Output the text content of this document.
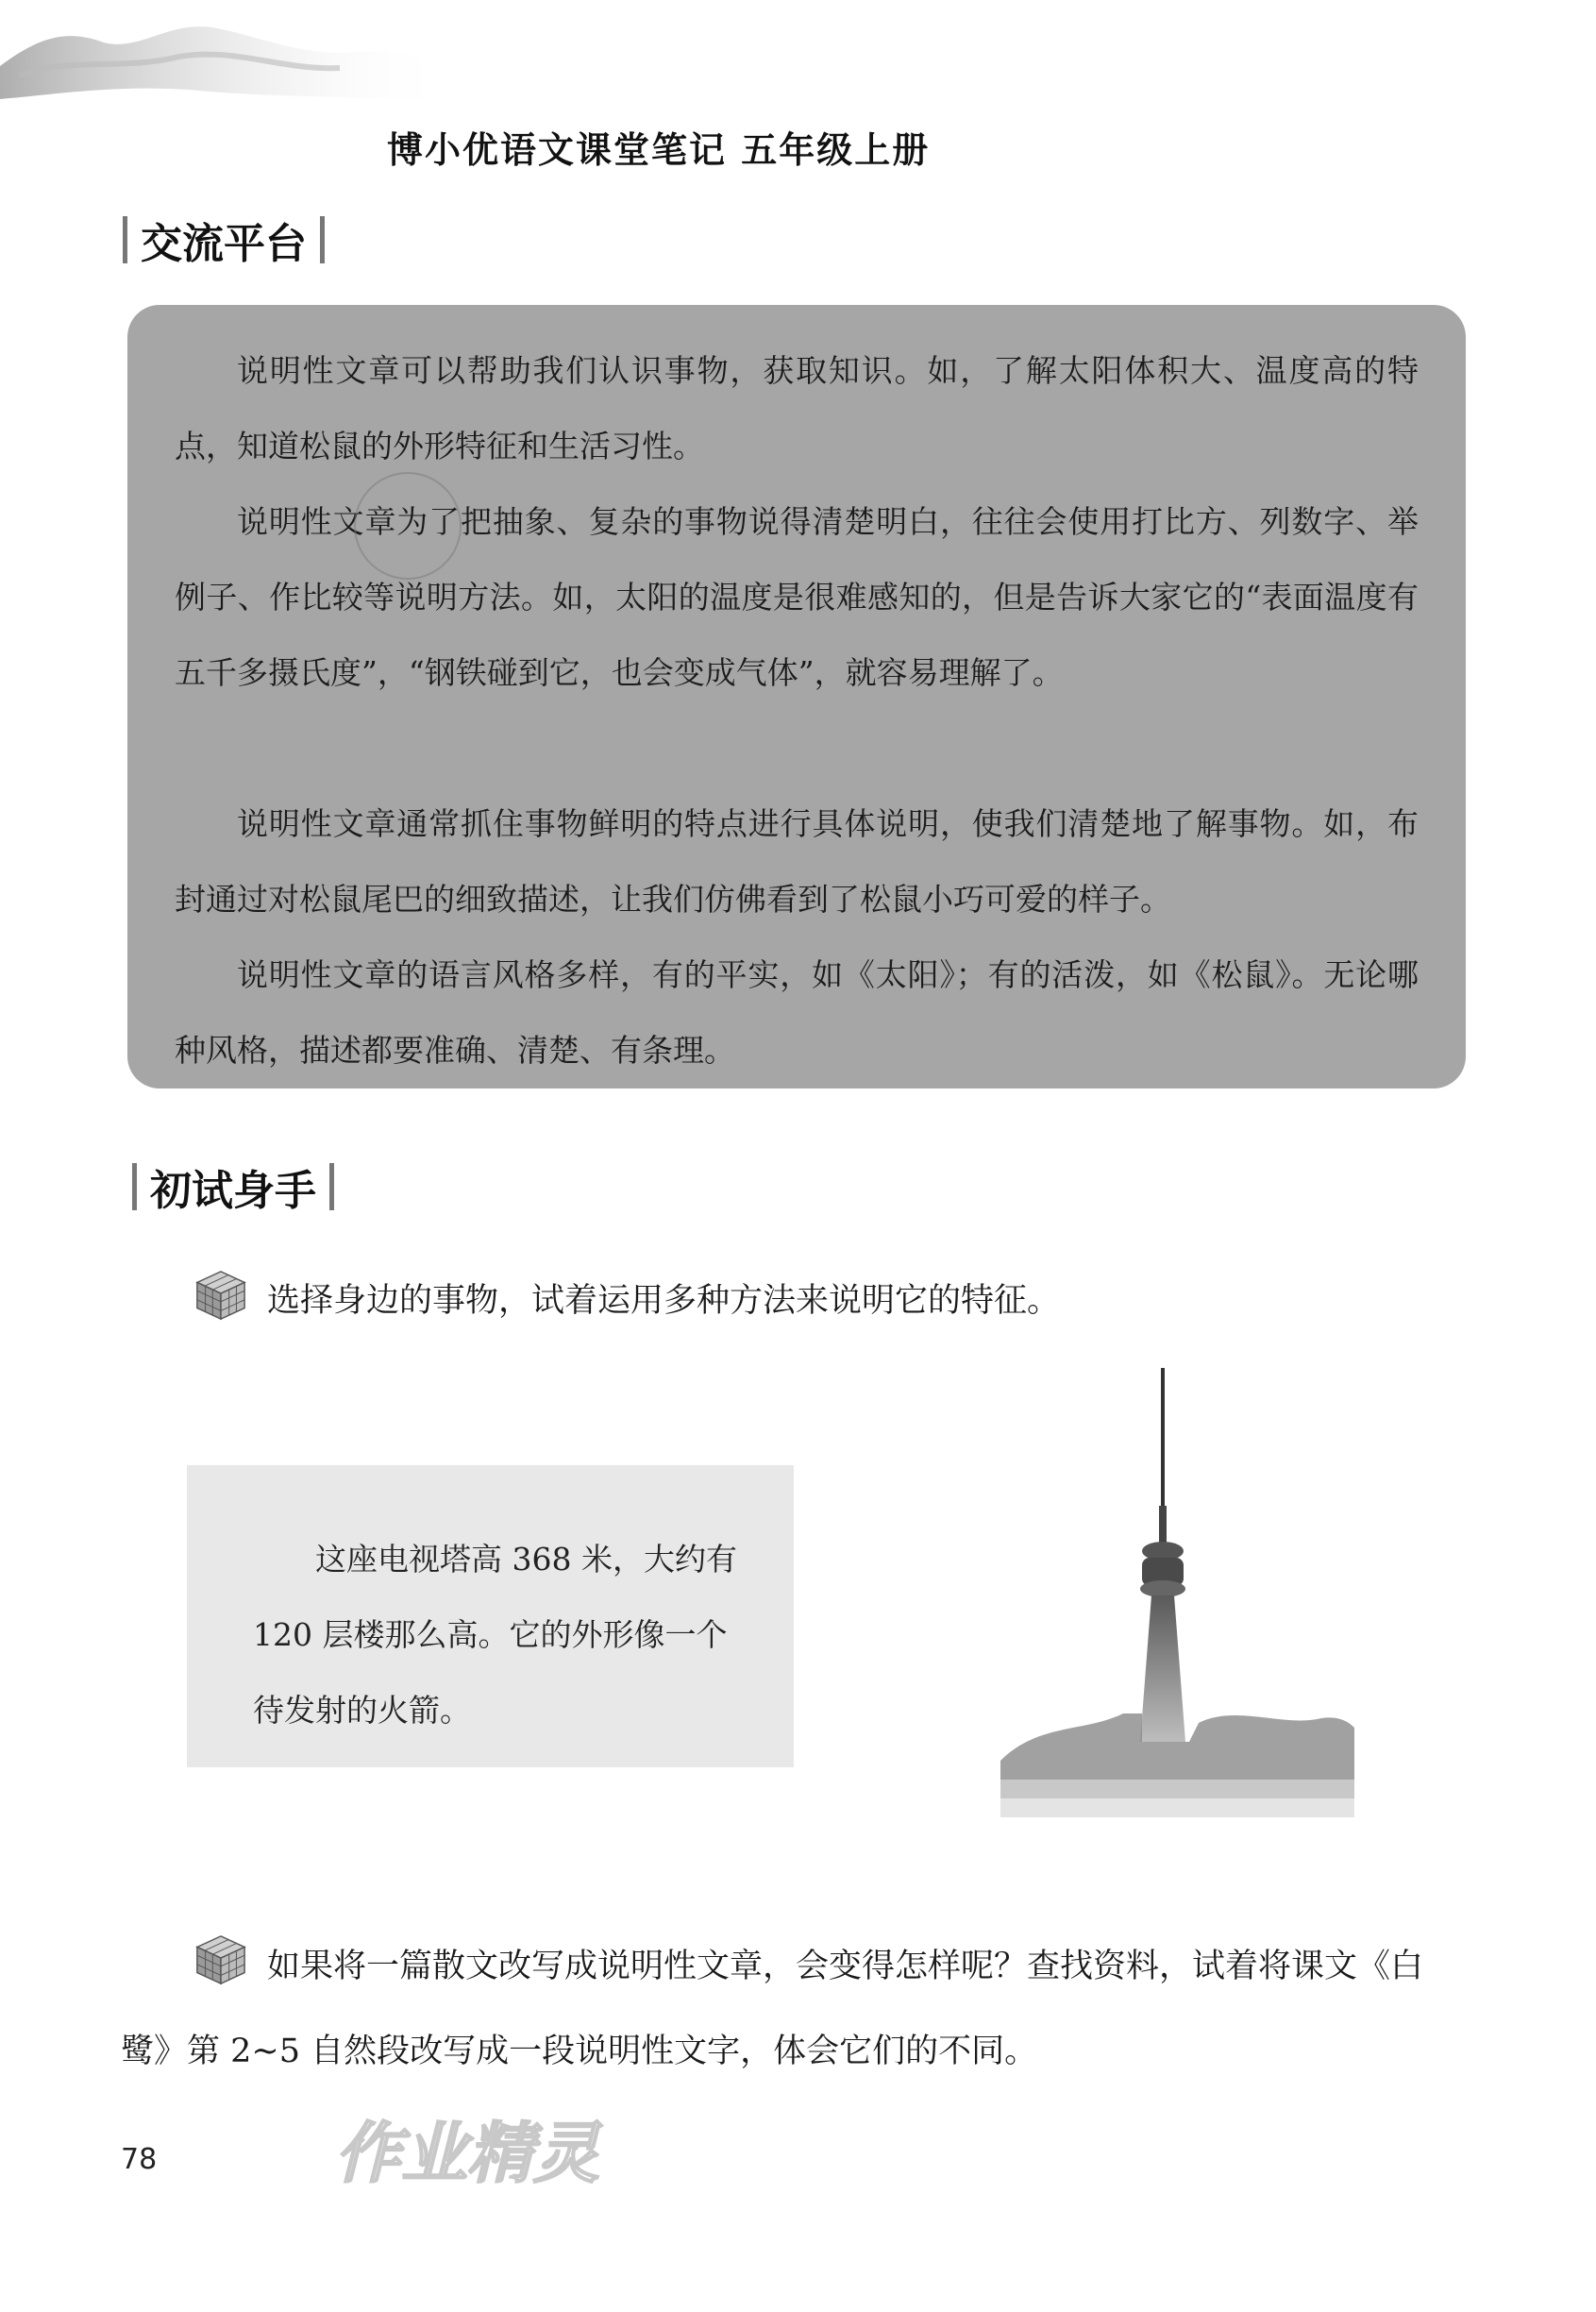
博小优语文课堂笔记 五年级上册
交流平台

说明性文章可以帮助我们认识事物，获取知识。如，了解太阳体积大、温度高的特点，知道松鼠的外形特征和生活习性。

说明性文章为了把抽象、复杂的事物说得清楚明白，往往会使用打比方、列数字、举例子、作比较等说明方法。如，太阳的温度是很难感知的，但是告诉大家它的“表面温度有五千多摄氏度”，“钢铁碰到它，也会变成气体”，就容易理解了。

说明性文章通常抓住事物鲜明的特点进行具体说明，使我们清楚地了解事物。如，布封通过对松鼠尾巴的细致描述，让我们仿佛看到了松鼠小巧可爱的样子。

说明性文章的语言风格多样，有的平实，如《太阳》；有的活泼，如《松鼠》。无论哪种风格，描述都要准确、清楚、有条理。

初试身手
选择身边的事物，试着运用多种方法来说明它的特征。

这座电视塔高 368 米，大约有 120 层楼那么高。它的外形像一个待发射的火箭。

如果将一篇散文改写成说明性文章，会变得怎样呢？查找资料，试着将课文《白
鹭》第 2~5 自然段改写成一段说明性文字，体会它们的不同。
78	作业精灵
